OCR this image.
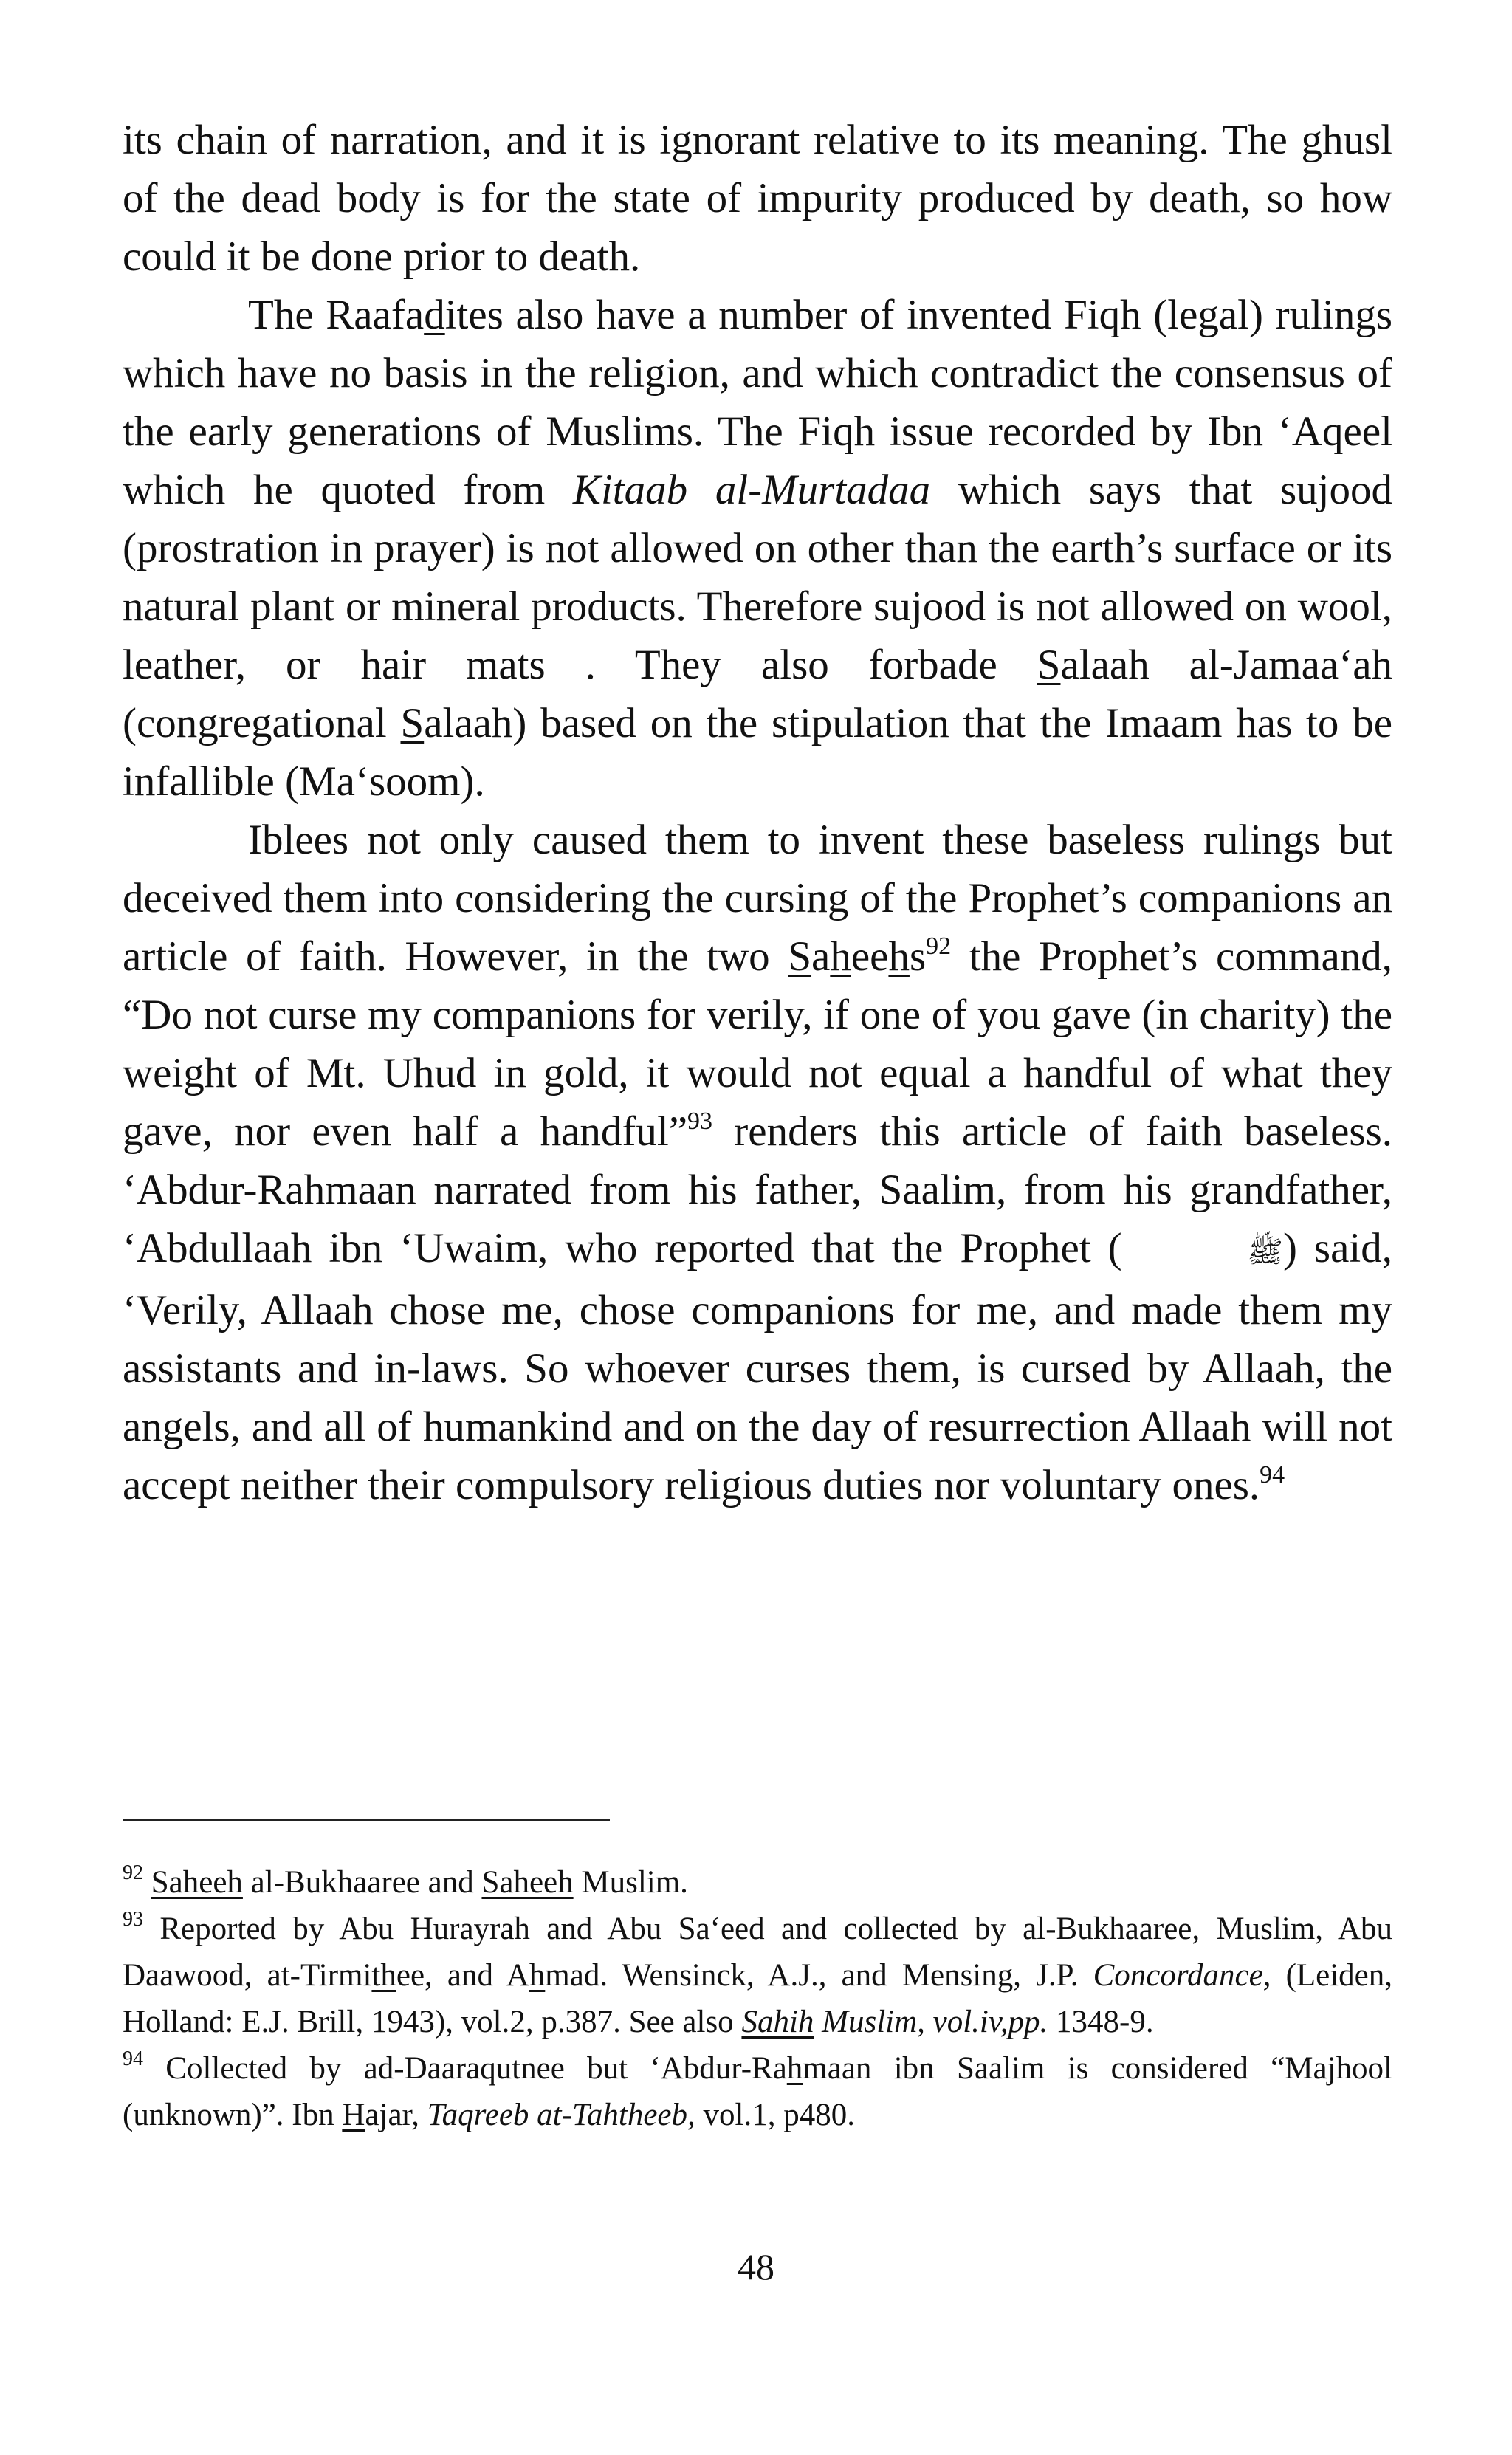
its chain of narration, and it is ignorant relative to its meaning. The ghusl of the dead body is for the state of impurity produced by death, so how could it be done prior to death.

The Raafadites also have a number of invented Fiqh (legal) rulings which have no basis in the religion, and which contradict the consensus of the early generations of Muslims. The Fiqh issue recorded by Ibn ‘Aqeel which he quoted from Kitaab al-Murtadaa which says that sujood (prostration in prayer) is not allowed on other than the earth’s surface or its natural plant or mineral products. Therefore sujood is not allowed on wool, leather, or hair mats . They also forbade Salaah al-Jamaa‘ah (congregational Salaah) based on the stipulation that the Imaam has to be infallible (Ma‘soom).

Iblees not only caused them to invent these baseless rulings but deceived them into considering the cursing of the Prophet’s companions an article of faith. However, in the two Saheehs$^{92}$ the Prophet’s command, “Do not curse my companions for verily, if one of you gave (in charity) the weight of Mt. Uhud in gold, it would not equal a handful of what they gave, nor even half a handful”$^{93}$ renders this article of faith baseless. ‘Abdur-Rahmaan narrated from his father, Saalim, from his grandfather, ‘Abdullaah ibn ‘Uwaim, who reported that the Prophet (	ﷺ) said, ‘Verily, Allaah chose me, chose companions for me, and made them my assistants and in-laws. So whoever curses them, is cursed by Allaah, the angels, and all of humankind and on the day of resurrection Allaah will not accept neither their compulsory religious duties nor voluntary ones.$^{94}$

$^{92}$ Saheeh al-Bukhaaree and Saheeh Muslim.

$^{93}$ Reported by Abu Hurayrah and Abu Sa‘eed and collected by al-Bukhaaree, Muslim, Abu Daawood, at-Tirmithee, and Ahmad. Wensinck, A.J., and Mensing, J.P. Concordance, (Leiden, Holland: E.J. Brill, 1943), vol.2, p.387. See also Sahih Muslim, vol.iv,pp. 1348-9.

$^{94}$ Collected by ad-Daaraqutnee but ‘Abdur-Rahmaan ibn Saalim is considered “Majhool (unknown)”. Ibn Hajar, Taqreeb at-Tahtheeb, vol.1, p480.

48
